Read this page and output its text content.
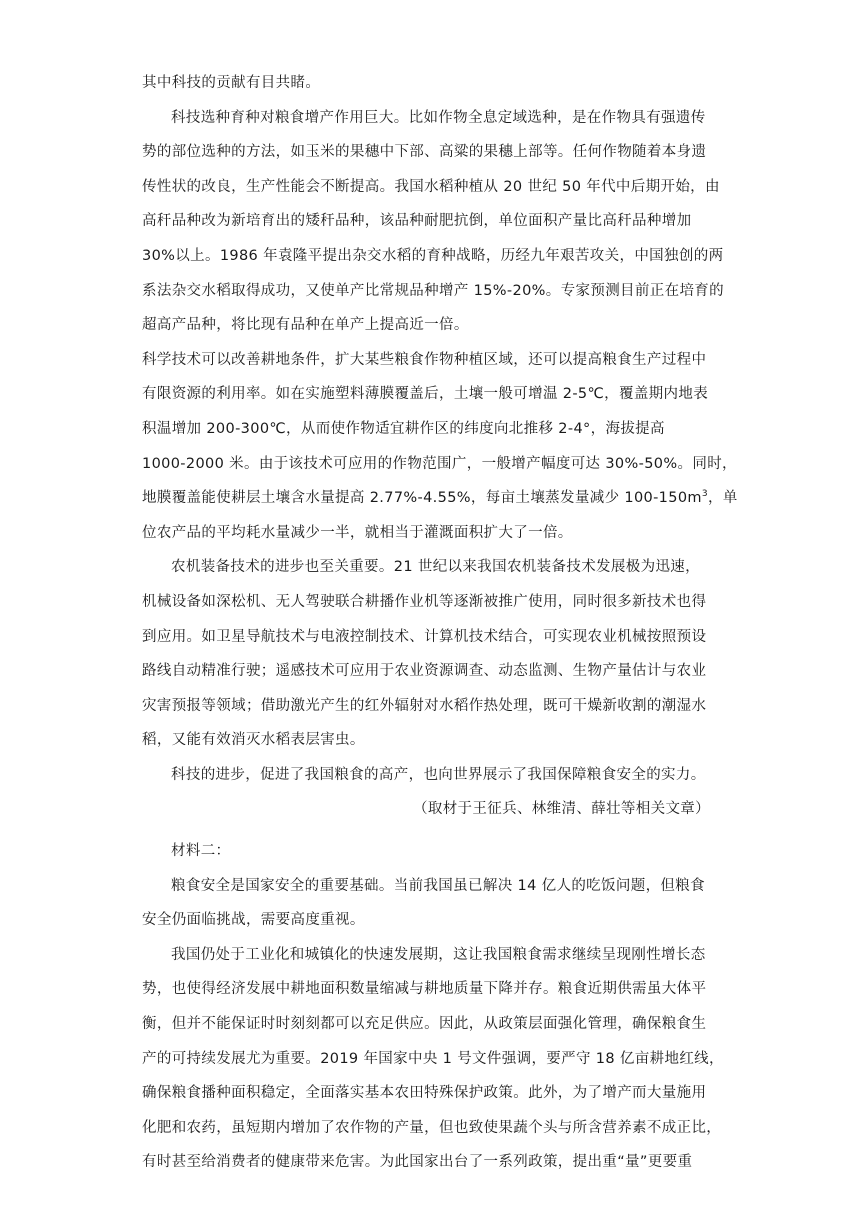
其中科技的贡献有目共睹。
科技选种育种对粮食增产作用巨大。比如作物全息定域选种，是在作物具有强遗传
势的部位选种的方法，如玉米的果穗中下部、高粱的果穗上部等。任何作物随着本身遗
传性状的改良，生产性能会不断提高。我国水稻种植从 20 世纪 50 年代中后期开始，由
高秆品种改为新培育出的矮秆品种，该品种耐肥抗倒，单位面积产量比高秆品种增加
30%以上。1986 年袁隆平提出杂交水稻的育种战略，历经九年艰苦攻关，中国独创的两
系法杂交水稻取得成功，又使单产比常规品种增产 15%-20%。专家预测目前正在培育的
超高产品种，将比现有品种在单产上提高近一倍。
科学技术可以改善耕地条件，扩大某些粮食作物种植区域，还可以提高粮食生产过程中
有限资源的利用率。如在实施塑料薄膜覆盖后，土壤一般可增温 2-5℃，覆盖期内地表
积温增加 200-300℃，从而使作物适宜耕作区的纬度向北推移 2-4°，海拔提高
1000-2000 米。由于该技术可应用的作物范围广，一般增产幅度可达 30%-50%。同时，
地膜覆盖能使耕层土壤含水量提高 2.77%-4.55%，每亩土壤蒸发量减少 $100-150m^3$，单
位农产品的平均耗水量减少一半，就相当于灌溉面积扩大了一倍。
农机装备技术的进步也至关重要。21 世纪以来我国农机装备技术发展极为迅速，
机械设备如深松机、无人驾驶联合耕播作业机等逐渐被推广使用，同时很多新技术也得
到应用。如卫星导航技术与电液控制技术、计算机技术结合，可实现农业机械按照预设
路线自动精准行驶；遥感技术可应用于农业资源调查、动态监测、生物产量估计与农业
灾害预报等领域；借助激光产生的红外辐射对水稻作热处理，既可干燥新收割的潮湿水
稻，又能有效消灭水稻表层害虫。
科技的进步，促进了我国粮食的高产，也向世界展示了我国保障粮食安全的实力。
（取材于王征兵、林维清、薛壮等相关文章）
材料二：
粮食安全是国家安全的重要基础。当前我国虽已解决 14 亿人的吃饭问题，但粮食
安全仍面临挑战，需要高度重视。
我国仍处于工业化和城镇化的快速发展期，这让我国粮食需求继续呈现刚性增长态
势，也使得经济发展中耕地面积数量缩减与耕地质量下降并存。粮食近期供需虽大体平
衡，但并不能保证时时刻刻都可以充足供应。因此，从政策层面强化管理，确保粮食生
产的可持续发展尤为重要。2019 年国家中央 1 号文件强调，要严守 18 亿亩耕地红线，
确保粮食播种面积稳定，全面落实基本农田特殊保护政策。此外，为了增产而大量施用
化肥和农药，虽短期内增加了农作物的产量，但也致使果蔬个头与所含营养素不成正比，
有时甚至给消费者的健康带来危害。为此国家出台了一系列政策，提出重“量”更要重
